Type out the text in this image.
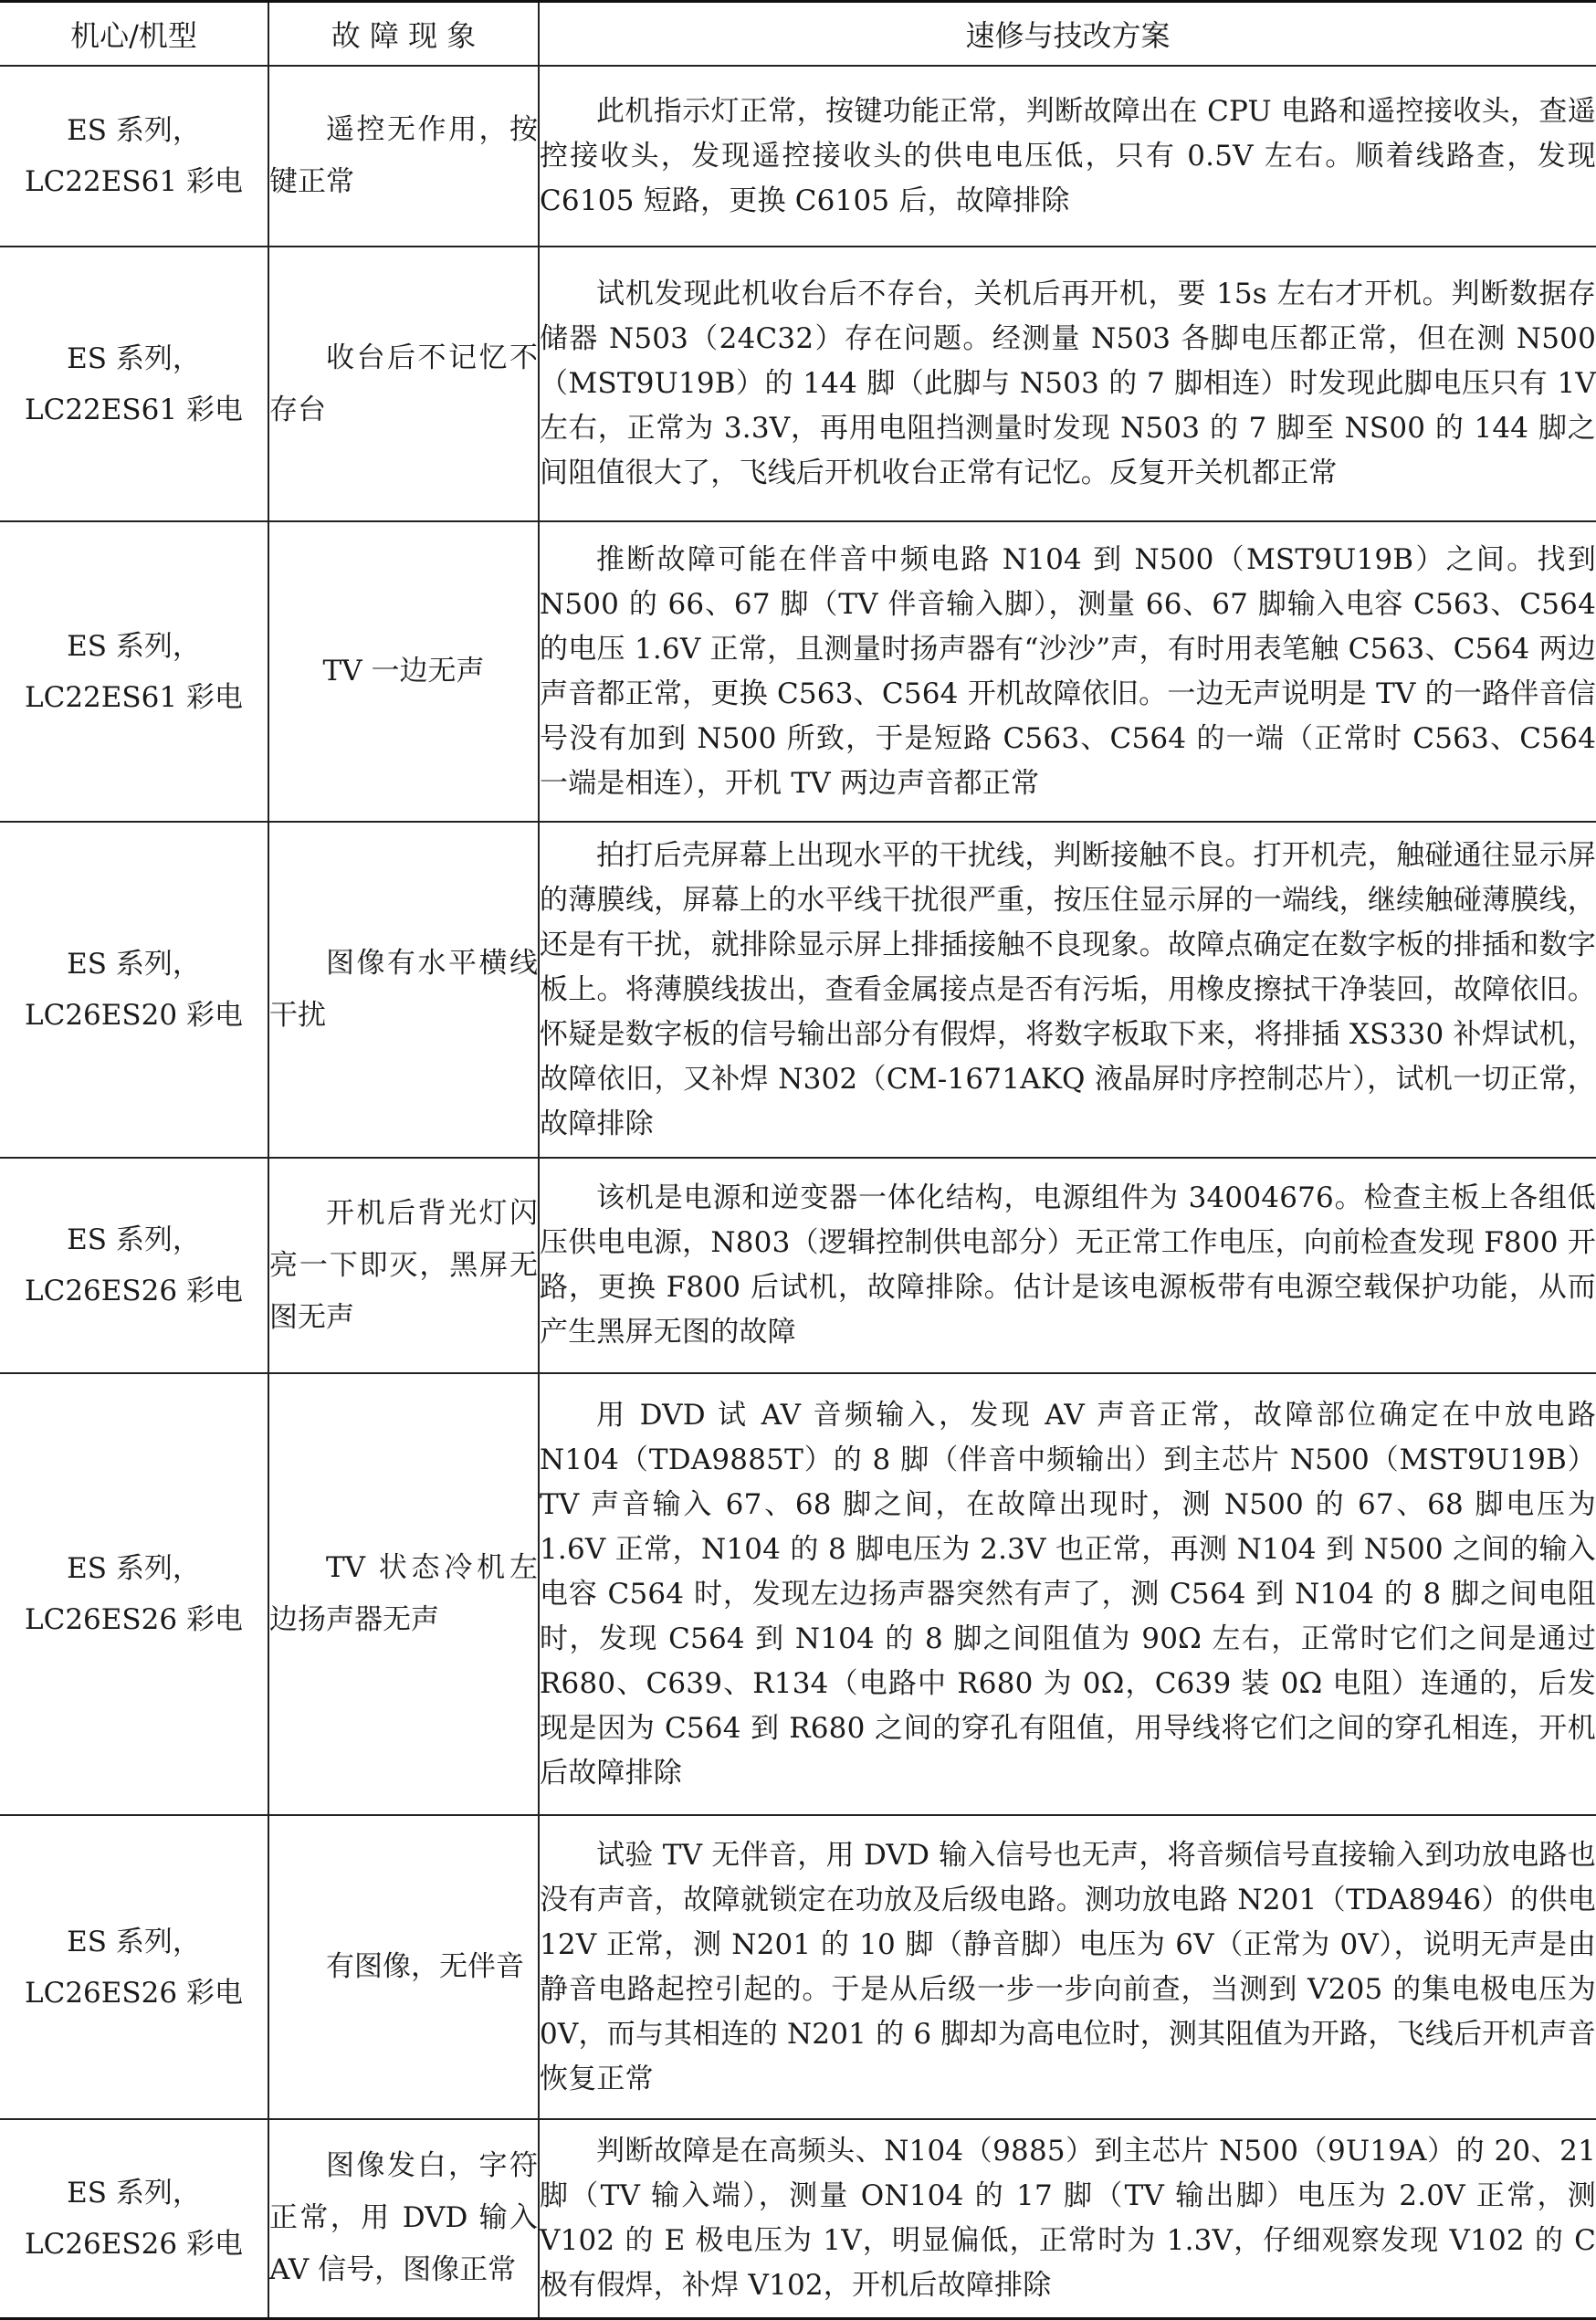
机心/机型	故 障 现 象	速修与技改方案

ES 系列，
LC22ES61 彩电	遥控无作用，按键正常	此机指示灯正常，按键功能正常，判断故障出在 CPU 电路和遥控接收头，查遥控接收头，发现遥控接收头的供电电压低，只有 0.5V 左右。顺着线路查，发现 C6105 短路，更换 C6105 后，故障排除

ES 系列，
LC22ES61 彩电	收台后不记忆不存台	试机发现此机收台后不存台，关机后再开机，要 15s 左右才开机。判断数据存储器 N503（24C32）存在问题。经测量 N503 各脚电压都正常，但在测 N500（MST9U19B）的 144 脚（此脚与 N503 的 7 脚相连）时发现此脚电压只有 1V 左右，正常为 3.3V，再用电阻挡测量时发现 N503 的 7 脚至 NS00 的 144 脚之间阻值很大了，飞线后开机收台正常有记忆。反复开关机都正常

ES 系列，
LC22ES61 彩电	TV 一边无声	推断故障可能在伴音中频电路 N104 到 N500（MST9U19B）之间。找到 N500 的 66、67 脚（TV 伴音输入脚），测量 66、67 脚输入电容 C563、C564 的电压 1.6V 正常，且测量时扬声器有“沙沙”声，有时用表笔触 C563、C564 两边声音都正常，更换 C563、C564 开机故障依旧。一边无声说明是 TV 的一路伴音信号没有加到 N500 所致，于是短路 C563、C564 的一端（正常时 C563、C564 一端是相连），开机 TV 两边声音都正常

ES 系列，
LC26ES20 彩电	图像有水平横线干扰	拍打后壳屏幕上出现水平的干扰线，判断接触不良。打开机壳，触碰通往显示屏的薄膜线，屏幕上的水平线干扰很严重，按压住显示屏的一端线，继续触碰薄膜线，还是有干扰，就排除显示屏上排插接触不良现象。故障点确定在数字板的排插和数字板上。将薄膜线拔出，查看金属接点是否有污垢，用橡皮擦拭干净装回，故障依旧。怀疑是数字板的信号输出部分有假焊，将数字板取下来，将排插 XS330 补焊试机，故障依旧，又补焊 N302（CM-1671AKQ 液晶屏时序控制芯片），试机一切正常，故障排除

ES 系列，
LC26ES26 彩电	开机后背光灯闪亮一下即灭，黑屏无图无声	该机是电源和逆变器一体化结构，电源组件为 34004676。检查主板上各组低压供电电源，N803（逻辑控制供电部分）无正常工作电压，向前检查发现 F800 开路，更换 F800 后试机，故障排除。估计是该电源板带有电源空载保护功能，从而产生黑屏无图的故障

ES 系列，
LC26ES26 彩电	TV 状态冷机左边扬声器无声	用 DVD 试 AV 音频输入，发现 AV 声音正常，故障部位确定在中放电路 N104（TDA9885T）的 8 脚（伴音中频输出）到主芯片 N500（MST9U19B）TV 声音输入 67、68 脚之间，在故障出现时，测 N500 的 67、68 脚电压为 1.6V 正常，N104 的 8 脚电压为 2.3V 也正常，再测 N104 到 N500 之间的输入电容 C564 时，发现左边扬声器突然有声了，测 C564 到 N104 的 8 脚之间电阻时，发现 C564 到 N104 的 8 脚之间阻值为 90Ω 左右，正常时它们之间是通过 R680、C639、R134（电路中 R680 为 0Ω，C639 装 0Ω 电阻）连通的，后发现是因为 C564 到 R680 之间的穿孔有阻值，用导线将它们之间的穿孔相连，开机后故障排除

ES 系列，
LC26ES26 彩电	有图像，无伴音	试验 TV 无伴音，用 DVD 输入信号也无声，将音频信号直接输入到功放电路也没有声音，故障就锁定在功放及后级电路。测功放电路 N201（TDA8946）的供电 12V 正常，测 N201 的 10 脚（静音脚）电压为 6V（正常为 0V），说明无声是由静音电路起控引起的。于是从后级一步一步向前查，当测到 V205 的集电极电压为 0V，而与其相连的 N201 的 6 脚却为高电位时，测其阻值为开路，飞线后开机声音恢复正常

ES 系列，
LC26ES26 彩电	图像发白，字符正常，用 DVD 输入 AV 信号，图像正常	判断故障是在高频头、N104（9885）到主芯片 N500（9U19A）的 20、21 脚（TV 输入端），测量 ON104 的 17 脚（TV 输出脚）电压为 2.0V 正常，测 V102 的 E 极电压为 1V，明显偏低，正常时为 1.3V，仔细观察发现 V102 的 C 极有假焊，补焊 V102，开机后故障排除
